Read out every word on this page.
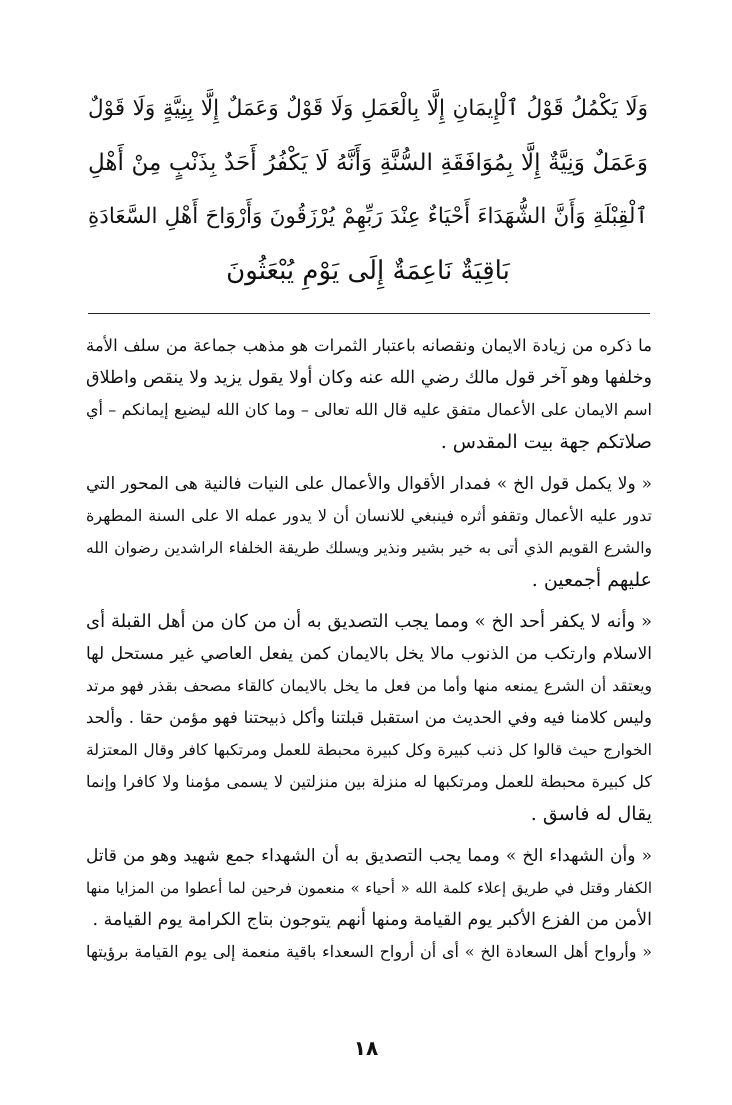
وَلَا يَكْمُلُ قَوْلُ ٱلْإِيمَانِ إِلَّا بِالْعَمَلِ وَلَا قَوْلٌ وَعَمَلٌ إِلَّا بِنِيَّةٍ وَلَا قَوْلٌ
وَعَمَلٌ وَنِيَّةٌ إِلَّا بِمُوَافَقَةِ السُّنَّةِ وَأَنَّهُ لَا يَكْفُرُ أَحَدٌ بِذَنْبٍ مِنْ أَهْلِ
ٱلْقِبْلَةِ وَأَنَّ الشُّهَدَاءَ أَحْيَاءٌ عِنْدَ رَبِّهِمْ يُرْزَقُونَ وَأَرْوَاحَ أَهْلِ السَّعَادَةِ
بَاقِيَةٌ نَاعِمَةٌ إِلَى يَوْمِ يُبْعَثُونَ
ما ذكره من زيادة الايمان ونقصانه باعتبار الثمرات هو مذهب جماعة من سلف الأمة
وخلفها وهو آخر قول مالك رضي الله عنه وكان أولا يقول يزيد ولا ينقص واطلاق
اسم الايمان على الأعمال متفق عليه قال الله تعالى – وما كان الله ليضيع إيمانكم – أي
صلاتكم جهة بيت المقدس .
« ولا يكمل قول الخ » فمدار الأقوال والأعمال على النيات فالنية هى المحور التي
تدور عليه الأعمال وتقفو أثره فينبغي للانسان أن لا يدور عمله الا على السنة المطهرة
والشرع القويم الذي أتى به خير بشير ونذير ويسلك طريقة الخلفاء الراشدين رضوان الله
عليهم أجمعين .
« وأنه لا يكفر أحد الخ » ومما يجب التصديق به أن من كان من أهل القبلة أى
الاسلام وارتكب من الذنوب مالا يخل بالايمان كمن يفعل العاصي غير مستحل لها
ويعتقد أن الشرع يمنعه منها وأما من فعل ما يخل بالايمان كالقاء مصحف بقذر فهو مرتد
وليس كلامنا فيه وفي الحديث من استقبل قبلتنا وأكل ذبيحتنا فهو مؤمن حقا . وألحد
الخوارج حيث قالوا كل ذنب كبيرة وكل كبيرة محبطة للعمل ومرتكبها كافر وقال المعتزلة
كل كبيرة محبطة للعمل ومرتكبها له منزلة بين منزلتين لا يسمى مؤمنا ولا كافرا وإنما
يقال له فاسق .
« وأن الشهداء الخ » ومما يجب التصديق به أن الشهداء جمع شهيد وهو من قاتل
الكفار وقتل في طريق إعلاء كلمة الله « أحياء » منعمون فرحين لما أعطوا من المزايا منها
الأمن من الفزع الأكبر يوم القيامة ومنها أنهم يتوجون بتاج الكرامة يوم القيامة .
« وأرواح أهل السعادة الخ » أى أن أرواح السعداء باقية منعمة إلى يوم القيامة برؤيتها
١٨
